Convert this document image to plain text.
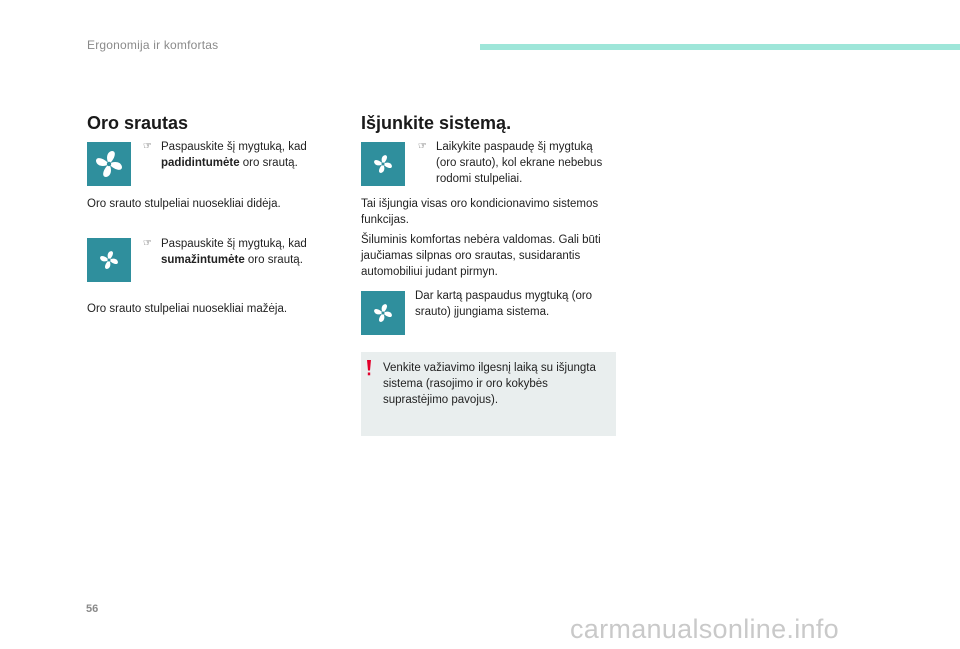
Ergonomija ir komfortas
Oro srautas
☞ Paspauskite šį mygtuką, kad padidintumėte oro srautą.
Oro srauto stulpeliai nuosekliai didėja.
☞ Paspauskite šį mygtuką, kad sumažintumėte oro srautą.
Oro srauto stulpeliai nuosekliai mažėja.
Išjunkite sistemą.
☞ Laikykite paspaudę šį mygtuką (oro srauto), kol ekrane nebebus rodomi stulpeliai.
Tai išjungia visas oro kondicionavimo sistemos funkcijas.
Šiluminis komfortas nebėra valdomas. Gali būti jaučiamas silpnas oro srautas, susidarantis automobiliui judant pirmyn.
Dar kartą paspaudus mygtuką (oro srauto) įjungiama sistema.
Venkite važiavimo ilgesnį laiką su išjungta sistema (rasojimo ir oro kokybės suprastėjimo pavojus).
56
carmanualsonline.info
